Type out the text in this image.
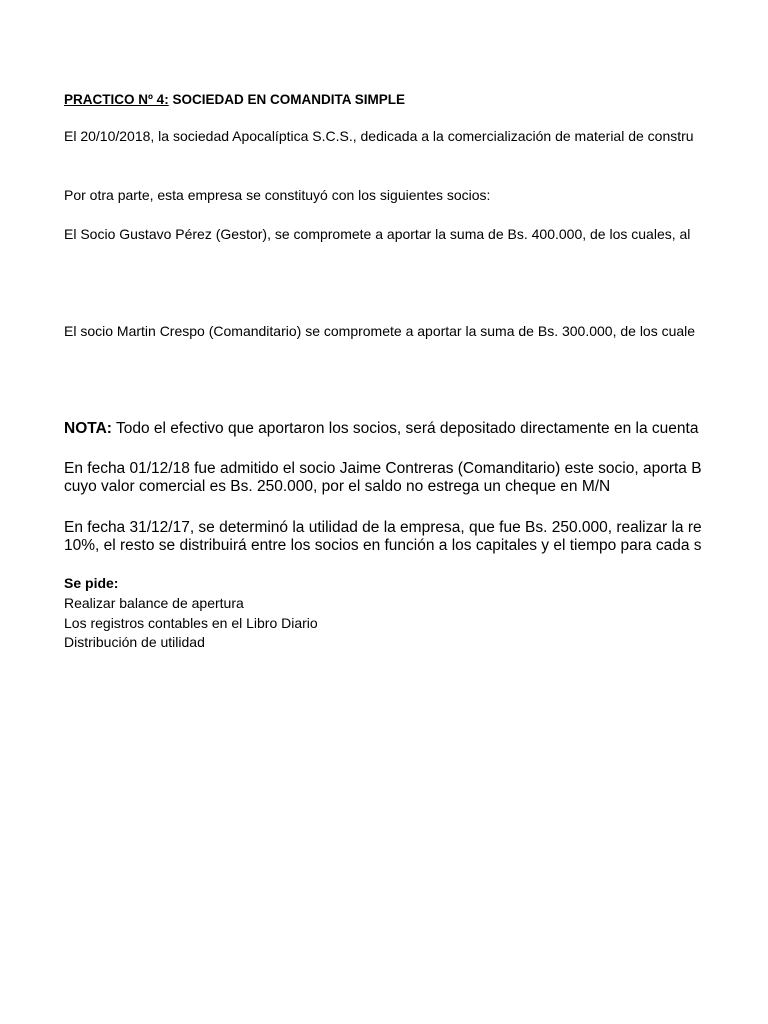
PRACTICO Nº 4: SOCIEDAD EN COMANDITA SIMPLE
El 20/10/2018, la sociedad Apocalíptica S.C.S., dedicada a la comercialización de material de constru
Por otra parte, esta empresa se constituyó con los siguientes socios:
El Socio Gustavo Pérez (Gestor), se compromete a aportar la suma de Bs. 400.000, de los cuales, al
El socio Martin Crespo (Comanditario) se compromete a aportar la suma de Bs. 300.000, de los cuale
NOTA: Todo el efectivo que aportaron los socios, será depositado directamente en la cuenta
En fecha 01/12/18 fue admitido el socio Jaime Contreras (Comanditario) este socio, aporta B
cuyo valor comercial es Bs. 250.000, por el saldo no estrega un cheque en M/N
En fecha 31/12/17, se determinó la utilidad de la empresa, que fue Bs. 250.000, realizar la re
10%, el resto se distribuirá entre los socios en función a los capitales y el tiempo para cada s
Se pide:
Realizar balance de apertura
Los registros contables en el Libro Diario
Distribución de utilidad
